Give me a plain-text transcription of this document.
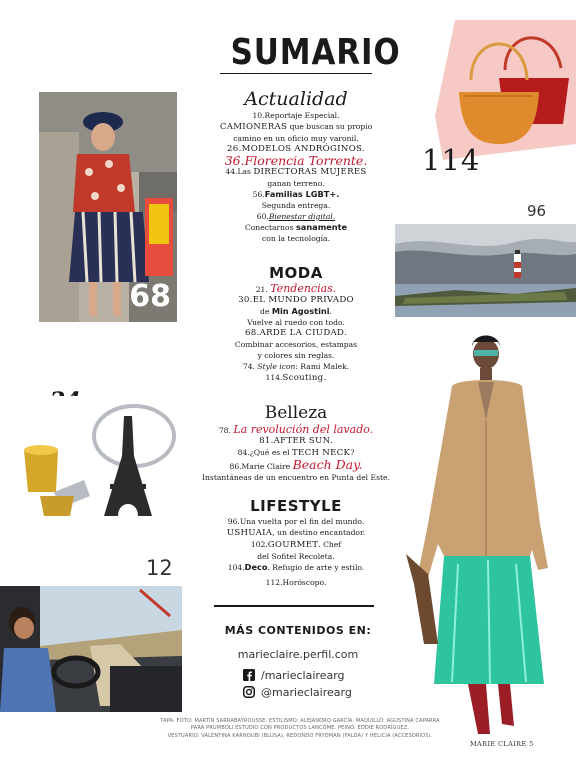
SUMARIO
68
114
96
12
Actualidad
10.Reportaje Especial.
CAMIONERAS que buscan su propio
camino en un oficio muy varonil.
26.MODELOS ANDRÓGINOS.
36.Florencia Torrente.
44.Las DIRECTORAS MUJERES
ganan terreno.
56.Familias LGBT+.
Segunda entrega.
60.Bienestar digital.
Conectarnos sanamente
con la tecnología.
MODA
21. Tendencias.
30.EL MUNDO PRIVADO
de Min Agostini.
Vuelve al ruedo con todo.
68.ARDE LA CIUDAD.
Combinar accesorios, estampas
y colores sin reglas.
74. Style icon: Rami Malek.
114.Scouting.
Belleza
78. La revolución del lavado.
81.AFTER SUN.
84.¿Qué es el TECH NECK?
86.Marie Claire Beach Day.
Instantáneas de un encuentro en Punta del Este.
LIFESTYLE
96.Una vuelta por el fin del mundo.
USHUAIA, un destino encantador.
102.GOURMET. Chef
del Sofitel Recoleta.
104.Deco. Refugio de arte y estilo.
112.Horóscopo.
MÁS CONTENIDOS EN:
marieclaire.perfil.com
/marieclairearg
@marieclairearg
TAPA: FOTO: MARTÍN SARRABAYROUSSE. ESTILISMO: ALEJANDRO GARCÍA. MAQUILLÓ: AGUSTINA CAPARRA
PARA PRUMBOLI ESTUDIO CON PRODUCTOS LANCÔME. PEINÓ: EDDIE RODRÍGUEZ.
VESTUARIO: VALENTINA KARNOUBI (BLUSA), REDONDO FRYDMAN (FALDA) Y HELICIA (ACCESORIOS).
MARIE CLAIRE 5
